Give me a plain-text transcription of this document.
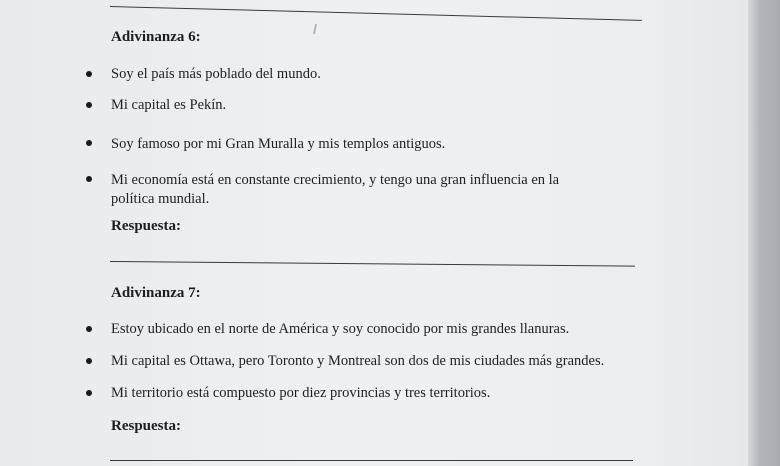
Adivinanza 6:
Soy el país más poblado del mundo.
Mi capital es Pekín.
Soy famoso por mi Gran Muralla y mis templos antiguos.
Mi economía está en constante crecimiento, y tengo una gran influencia en la política mundial.
Respuesta:
Adivinanza 7:
Estoy ubicado en el norte de América y soy conocido por mis grandes llanuras.
Mi capital es Ottawa, pero Toronto y Montreal son dos de mis ciudades más grandes.
Mi territorio está compuesto por diez provincias y tres territorios.
Respuesta:
